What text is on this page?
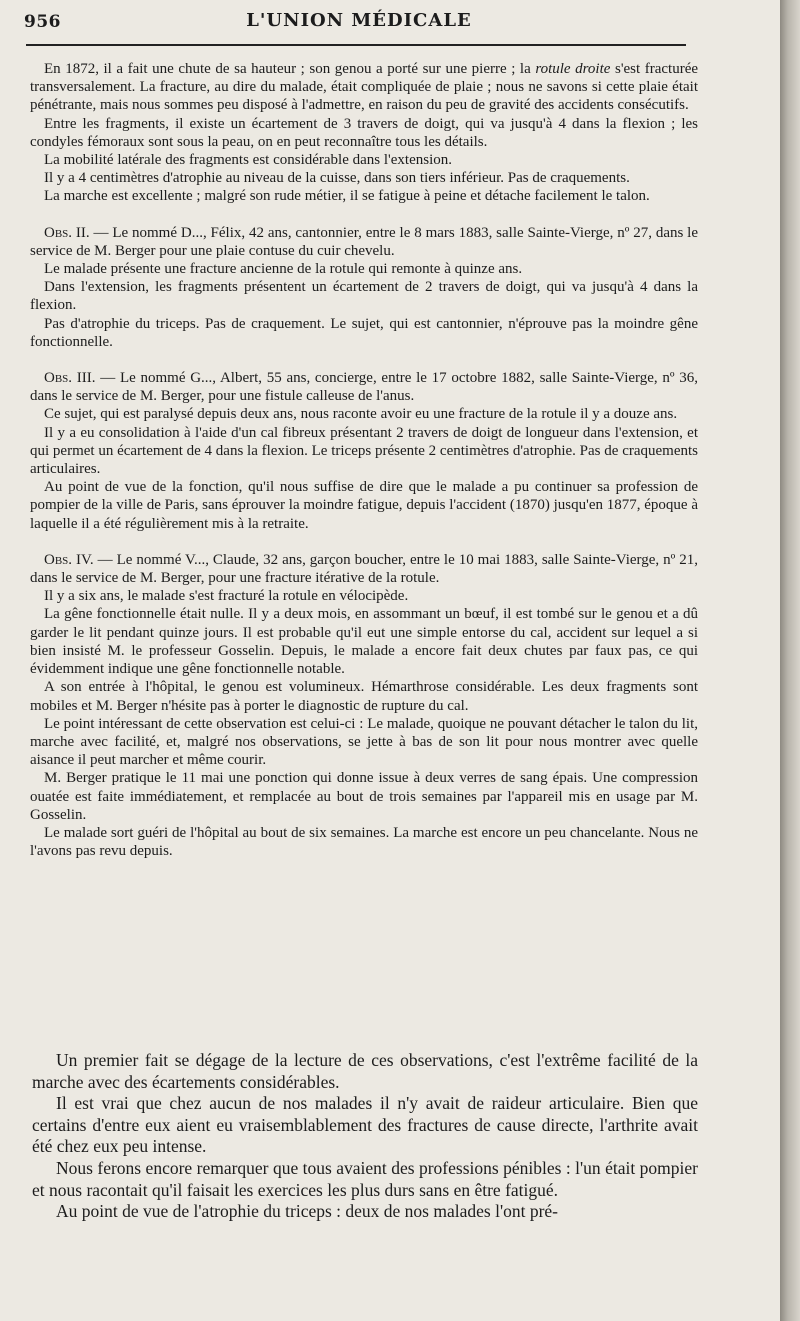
956	L'UNION MÉDICALE

En 1872, il a fait une chute de sa hauteur ; son genou a porté sur une pierre ; la rotule droite s'est fracturée transversalement. La fracture, au dire du malade, était compliquée de plaie ; nous ne savons si cette plaie était pénétrante, mais nous sommes peu disposé à l'admettre, en raison du peu de gravité des accidents consécutifs.

Entre les fragments, il existe un écartement de 3 travers de doigt, qui va jusqu'à 4 dans la flexion ; les condyles fémoraux sont sous la peau, on en peut reconnaître tous les détails.

La mobilité latérale des fragments est considérable dans l'extension.

Il y a 4 centimètres d'atrophie au niveau de la cuisse, dans son tiers inférieur. Pas de craquements.

La marche est excellente ; malgré son rude métier, il se fatigue à peine et détache facilement le talon.

Obs. II. — Le nommé D..., Félix, 42 ans, cantonnier, entre le 8 mars 1883, salle Sainte-Vierge, nº 27, dans le service de M. Berger pour une plaie contuse du cuir chevelu.

Le malade présente une fracture ancienne de la rotule qui remonte à quinze ans.

Dans l'extension, les fragments présentent un écartement de 2 travers de doigt, qui va jusqu'à 4 dans la flexion.

Pas d'atrophie du triceps. Pas de craquement. Le sujet, qui est cantonnier, n'éprouve pas la moindre gêne fonctionnelle.

Obs. III. — Le nommé G..., Albert, 55 ans, concierge, entre le 17 octobre 1882, salle Sainte-Vierge, nº 36, dans le service de M. Berger, pour une fistule calleuse de l'anus.

Ce sujet, qui est paralysé depuis deux ans, nous raconte avoir eu une fracture de la rotule il y a douze ans.

Il y a eu consolidation à l'aide d'un cal fibreux présentant 2 travers de doigt de longueur dans l'extension, et qui permet un écartement de 4 dans la flexion. Le triceps présente 2 centimètres d'atrophie. Pas de craquements articulaires.

Au point de vue de la fonction, qu'il nous suffise de dire que le malade a pu continuer sa profession de pompier de la ville de Paris, sans éprouver la moindre fatigue, depuis l'accident (1870) jusqu'en 1877, époque à laquelle il a été régulièrement mis à la retraite.

Obs. IV. — Le nommé V..., Claude, 32 ans, garçon boucher, entre le 10 mai 1883, salle Sainte-Vierge, nº 21, dans le service de M. Berger, pour une fracture itérative de la rotule.

Il y a six ans, le malade s'est fracturé la rotule en vélocipède.

La gêne fonctionnelle était nulle. Il y a deux mois, en assommant un bœuf, il est tombé sur le genou et a dû garder le lit pendant quinze jours. Il est probable qu'il eut une simple entorse du cal, accident sur lequel a si bien insisté M. le professeur Gosselin. Depuis, le malade a encore fait deux chutes par faux pas, ce qui évidemment indique une gêne fonctionnelle notable.

A son entrée à l'hôpital, le genou est volumineux. Hémarthrose considérable. Les deux fragments sont mobiles et M. Berger n'hésite pas à porter le diagnostic de rupture du cal.

Le point intéressant de cette observation est celui-ci : Le malade, quoique ne pouvant détacher le talon du lit, marche avec facilité, et, malgré nos observations, se jette à bas de son lit pour nous montrer avec quelle aisance il peut marcher et même courir.

M. Berger pratique le 11 mai une ponction qui donne issue à deux verres de sang épais. Une compression ouatée est faite immédiatement, et remplacée au bout de trois semaines par l'appareil mis en usage par M. Gosselin.

Le malade sort guéri de l'hôpital au bout de six semaines. La marche est encore un peu chancelante. Nous ne l'avons pas revu depuis.

Un premier fait se dégage de la lecture de ces observations, c'est l'extrême facilité de la marche avec des écartements considérables.

Il est vrai que chez aucun de nos malades il n'y avait de raideur articulaire. Bien que certains d'entre eux aient eu vraisemblablement des fractures de cause directe, l'arthrite avait été chez eux peu intense.

Nous ferons encore remarquer que tous avaient des professions pénibles : l'un était pompier et nous racontait qu'il faisait les exercices les plus durs sans en être fatigué.

Au point de vue de l'atrophie du triceps : deux de nos malades l'ont pré-
